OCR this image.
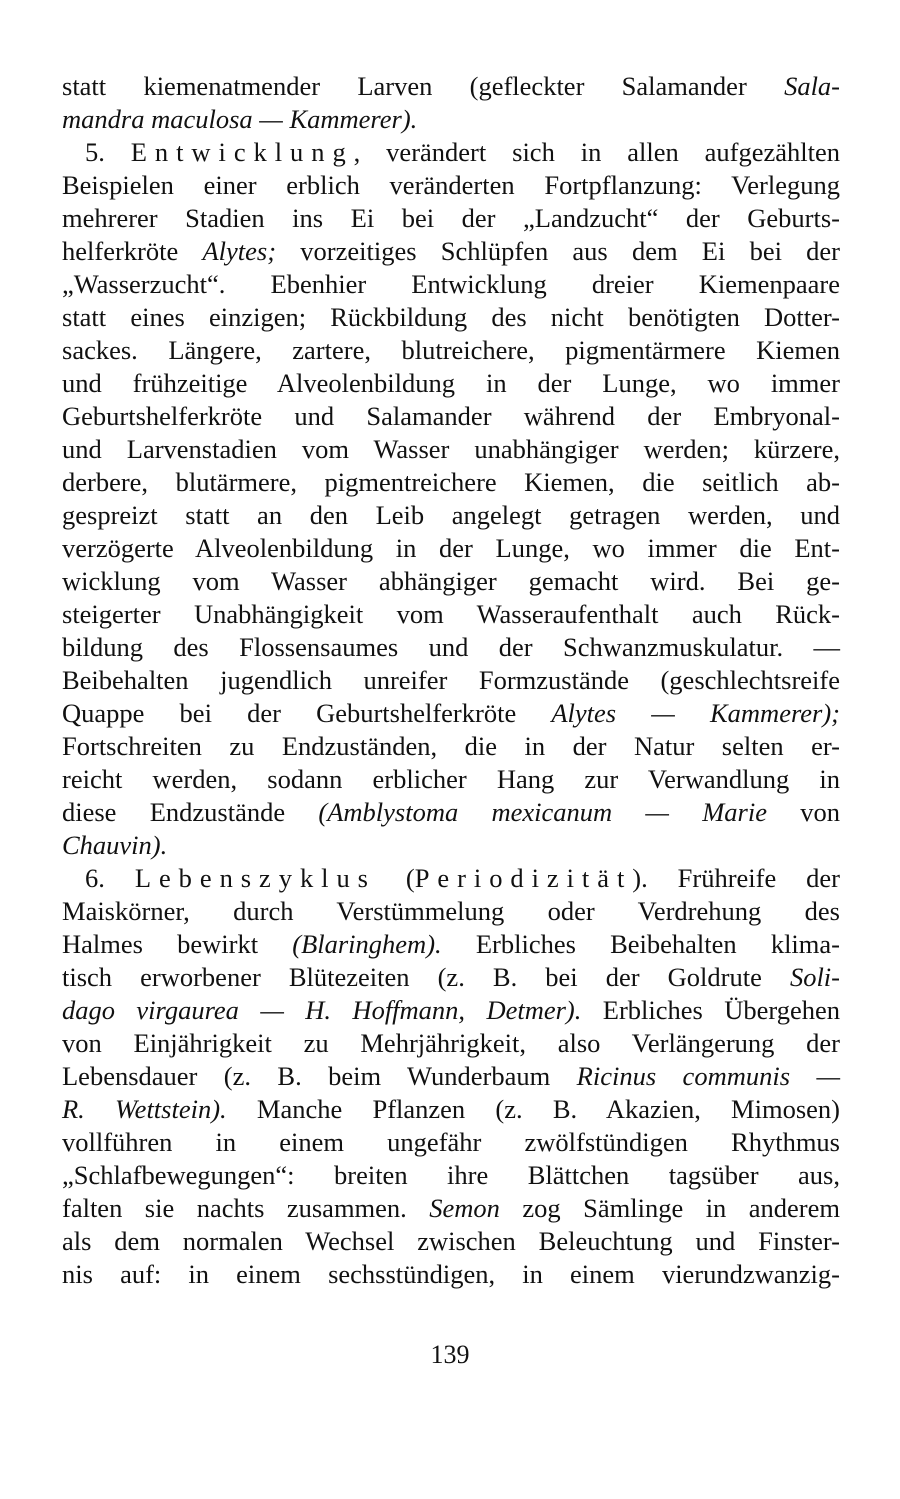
statt kiemenatmender Larven (gefleckter Salamander Sala-
mandra maculosa — Kammerer).
5. Entwicklung, verändert sich in allen aufgezählten
Beispielen einer erblich veränderten Fortpflanzung: Verlegung
mehrerer Stadien ins Ei bei der „Landzucht“ der Geburts-
helferkröte Alytes; vorzeitiges Schlüpfen aus dem Ei bei der
„Wasserzucht“. Ebenhier Entwicklung dreier Kiemenpaare
statt eines einzigen; Rückbildung des nicht benötigten Dotter-
sackes. Längere, zartere, blutreichere, pigmentärmere Kiemen
und frühzeitige Alveolenbildung in der Lunge, wo immer
Geburtshelferkröte und Salamander während der Embryonal-
und Larvenstadien vom Wasser unabhängiger werden; kürzere,
derbere, blutärmere, pigmentreichere Kiemen, die seitlich ab-
gespreizt statt an den Leib angelegt getragen werden, und
verzögerte Alveolenbildung in der Lunge, wo immer die Ent-
wicklung vom Wasser abhängiger gemacht wird. Bei ge-
steigerter Unabhängigkeit vom Wasseraufenthalt auch Rück-
bildung des Flossensaumes und der Schwanzmuskulatur. —
Beibehalten jugendlich unreifer Formzustände (geschlechtsreife
Quappe bei der Geburtshelferkröte Alytes — Kammerer);
Fortschreiten zu Endzuständen, die in der Natur selten er-
reicht werden, sodann erblicher Hang zur Verwandlung in
diese Endzustände (Amblystoma mexicanum — Marie von
Chauvin).
6. Lebenszyklus (Periodizität). Frühreife der
Maiskörner, durch Verstümmelung oder Verdrehung des
Halmes bewirkt (Blaringhem). Erbliches Beibehalten klima-
tisch erworbener Blütezeiten (z. B. bei der Goldrute Soli-
dago virgaurea — H. Hoffmann, Detmer). Erbliches Übergehen
von Einjährigkeit zu Mehrjährigkeit, also Verlängerung der
Lebensdauer (z. B. beim Wunderbaum Ricinus communis —
R. Wettstein). Manche Pflanzen (z. B. Akazien, Mimosen)
vollführen in einem ungefähr zwölfstündigen Rhythmus
„Schlafbewegungen“: breiten ihre Blättchen tagsüber aus,
falten sie nachts zusammen. Semon zog Sämlinge in anderem
als dem normalen Wechsel zwischen Beleuchtung und Finster-
nis auf: in einem sechsstündigen, in einem vierundzwanzig-
139
